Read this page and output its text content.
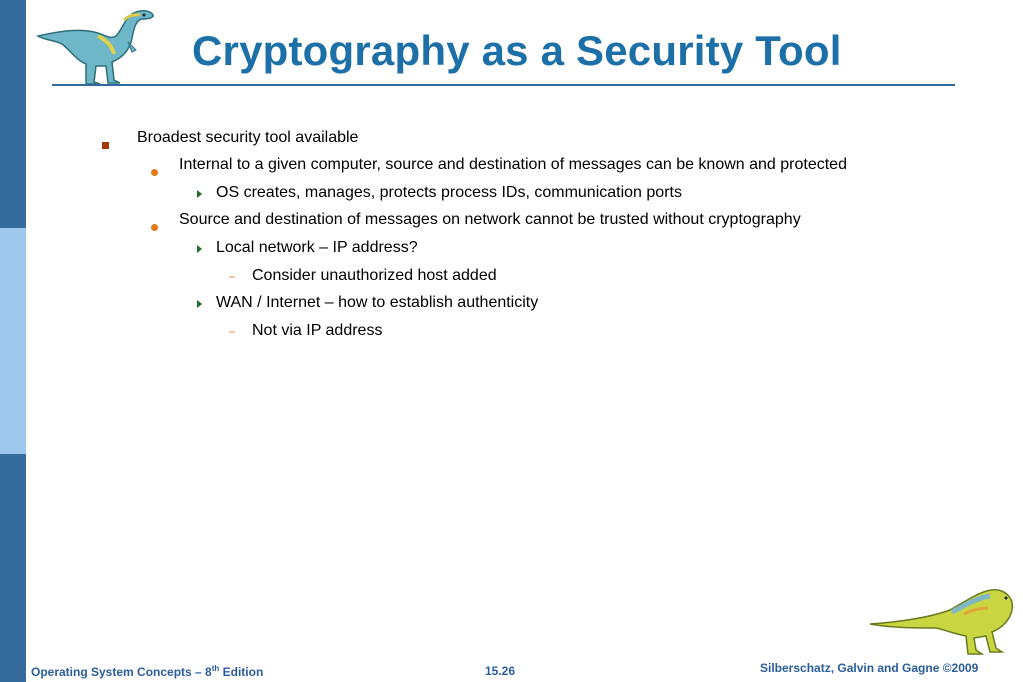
Cryptography as a Security Tool
Broadest security tool available
Internal to a given computer, source and destination of messages can be known and protected
OS creates, manages, protects process IDs, communication ports
Source and destination of messages on network cannot be trusted without cryptography
Local network – IP address?
– Consider unauthorized host added
WAN / Internet – how to establish authenticity
– Not via IP address
Operating System Concepts – 8th Edition	15.26	Silberschatz, Galvin and Gagne ©2009
